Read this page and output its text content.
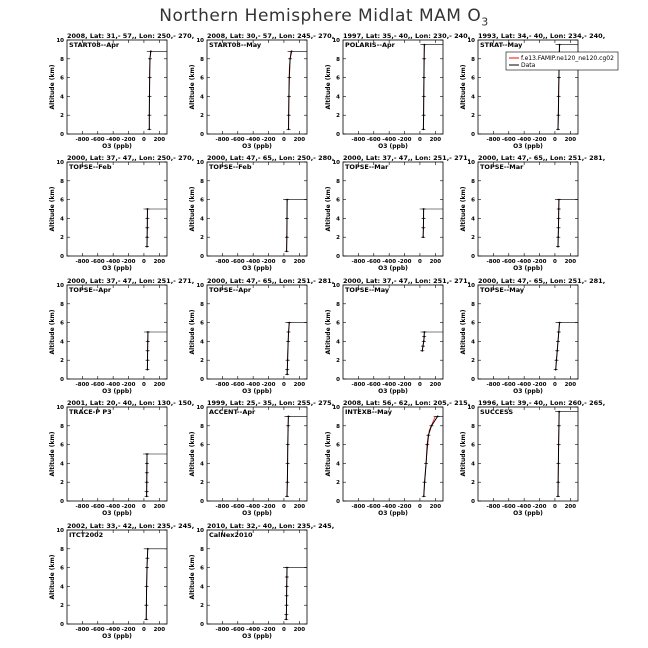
Northern Hemisphere Midlat MAM $O_3$
2008, Lat: 31,- 57,, Lon: 250,- 270,
START08--Apr
-800 -600 -400 -200 0 200
0
2
4
6
8
10
O3 (ppb)
Altitude (km)
2008, Lat: 30,- 57,, Lon: 245,- 270,
START08--May
-800 -600 -400 -200 0 200
0
2
4
6
8
10
O3 (ppb)
Altitude (km)
1997, Lat: 35,- 40,, Lon: 230,- 240,
POLARIS--Apr
-800 -600 -400 -200 0 200
0
2
4
6
8
10
O3 (ppb)
Altitude (km)
1993, Lat: 34,- 40,, Lon: 234,- 240,
STRAT--May
-800 -600 -400 -200 0 200
0
2
4
6
8
10
O3 (ppb)
Altitude (km)
f.e13.FAMIP.ne120_ne120.cg02
Data
2000, Lat: 37,- 47,, Lon: 250,- 270,
TOPSE--Feb
-800 -600 -400 -200 0 200
0
2
4
6
8
10
O3 (ppb)
Altitude (km)
2000, Lat: 47,- 65,, Lon: 250,- 280,
TOPSE--Feb
-800 -600 -400 -200 0 200
0
2
4
6
8
10
O3 (ppb)
Altitude (km)
2000, Lat: 37,- 47,, Lon: 251,- 271,
TOPSE--Mar
-800 -600 -400 -200 0 200
0
2
4
6
8
10
O3 (ppb)
Altitude (km)
2000, Lat: 47,- 65,, Lon: 251,- 281,
TOPSE--Mar
-800 -600 -400 -200 0 200
0
2
4
6
8
10
O3 (ppb)
Altitude (km)
2000, Lat: 37,- 47,, Lon: 251,- 271,
TOPSE--Apr
-800 -600 -400 -200 0 200
0
2
4
6
8
10
O3 (ppb)
Altitude (km)
2000, Lat: 47,- 65,, Lon: 251,- 281,
TOPSE--Apr
-800 -600 -400 -200 0 200
0
2
4
6
8
10
O3 (ppb)
Altitude (km)
2000, Lat: 37,- 47,, Lon: 251,- 271,
TOPSE--May
-800 -600 -400 -200 0 200
0
2
4
6
8
10
O3 (ppb)
Altitude (km)
2000, Lat: 47,- 65,, Lon: 251,- 281,
TOPSE--May
-800 -600 -400 -200 0 200
0
2
4
6
8
10
O3 (ppb)
Altitude (km)
2001, Lat: 20,- 40,, Lon: 130,- 150,
TRACE-P P3
-800 -600 -400 -200 0 200
0
2
4
6
8
10
O3 (ppb)
Altitude (km)
1999, Lat: 25,- 35,, Lon: 255,- 275,
ACCENT--Apr
-800 -600 -400 -200 0 200
0
2
4
6
8
10
O3 (ppb)
Altitude (km)
2008, Lat: 56,- 62,, Lon: 205,- 215,
INTEXB--May
-800 -600 -400 -200 0 200
0
2
4
6
8
10
O3 (ppb)
Altitude (km)
1996, Lat: 39,- 40,, Lon: 260,- 265,
SUCCESS
-800 -600 -400 -200 0 200
0
2
4
6
8
10
O3 (ppb)
Altitude (km)
2002, Lat: 33,- 42,, Lon: 235,- 245,
ITCT2002
-800 -600 -400 -200 0 200
0
2
4
6
8
10
O3 (ppb)
Altitude (km)
2010, Lat: 32,- 40,, Lon: 235,- 245,
CalNex2010
-800 -600 -400 -200 0 200
0
2
4
6
8
10
O3 (ppb)
Altitude (km)
